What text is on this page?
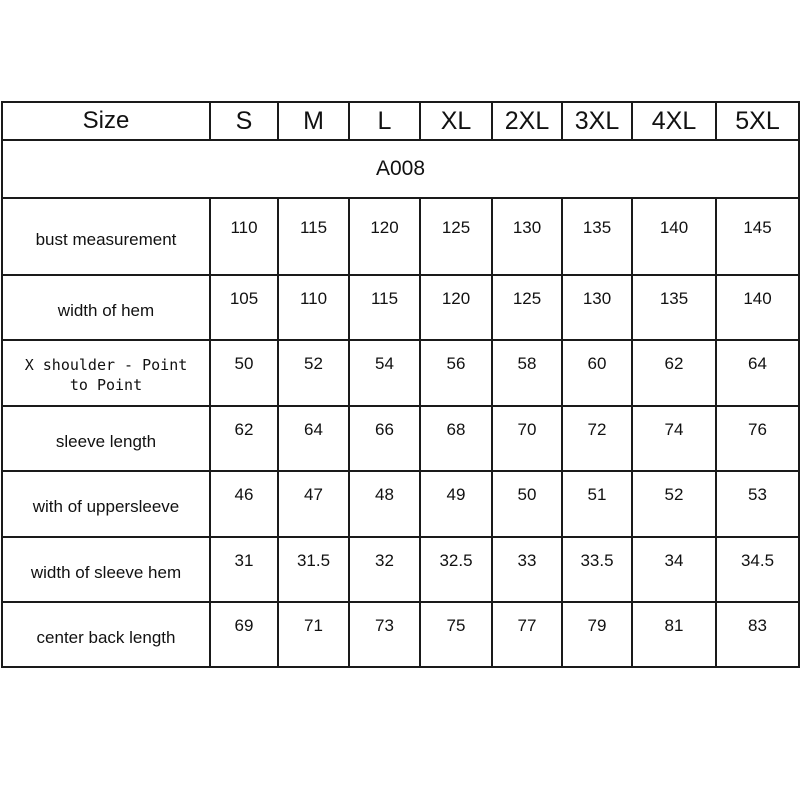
Size	S	M	L	XL	2XL	3XL	4XL	5XL
A008								
bust measurement	110	115	120	125	130	135	140	145
width of hem	105	110	115	120	125	130	135	140
X shoulder - Point to Point	50	52	54	56	58	60	62	64
sleeve length	62	64	66	68	70	72	74	76
with of uppersleeve	46	47	48	49	50	51	52	53
width of sleeve hem	31	31.5	32	32.5	33	33.5	34	34.5
center back length	69	71	73	75	77	79	81	83
